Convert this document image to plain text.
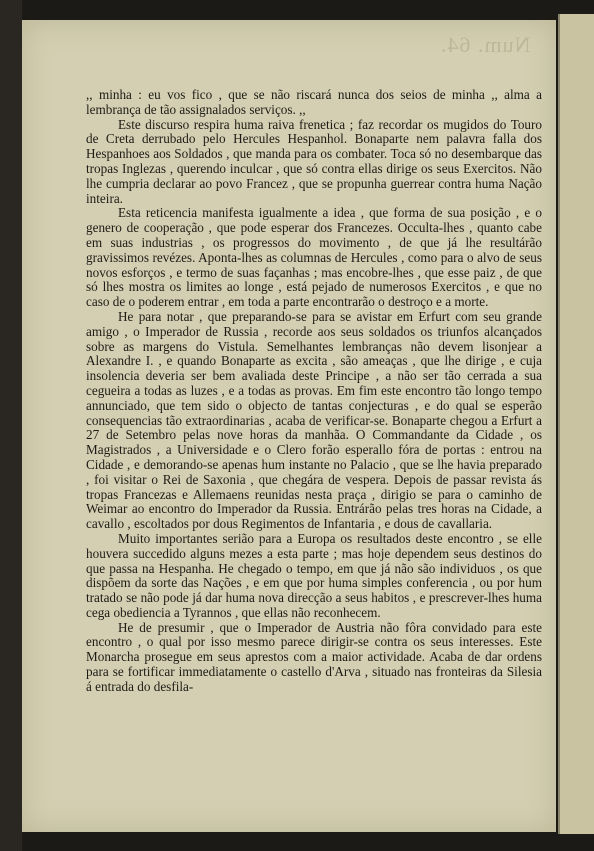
Num. 64.

,, minha : eu vos fico , que se não riscará nunca dos seios de minha ,, alma a lembrança de tão assignalados serviços. ,,

Este discurso respira huma raiva frenetica ; faz recordar os mugidos do Touro de Creta derrubado pelo Hercules Hespanhol. Bonaparte nem palavra falla dos Hespanhoes aos Soldados , que manda para os combater. Toca só no desembarque das tropas Inglezas , querendo inculcar , que só contra ellas dirige os seus Exercitos. Não lhe cumpria declarar ao povo Francez , que se propunha guerrear contra huma Nação inteira.

Esta reticencia manifesta igualmente a idea , que forma de sua posição , e o genero de cooperação , que pode esperar dos Francezes. Occulta-lhes , quanto cabe em suas industrias , os progressos do movimento , de que já lhe resultárão gravissimos revézes. Aponta-lhes as columnas de Hercules , como para o alvo de seus novos esforços , e termo de suas façanhas ; mas encobre-lhes , que esse paiz , de que só lhes mostra os limites ao longe , está pejado de numerosos Exercitos , e que no caso de o poderem entrar , em toda a parte encontrarão o destroço e a morte.

He para notar , que preparando-se para se avistar em Erfurt com seu grande amigo , o Imperador de Russia , recorde aos seus soldados os triunfos alcançados sobre as margens do Vistula. Semelhantes lembranças não devem lisonjear a Alexandre I. , e quando Bonaparte as excita , são ameaças , que lhe dirige , e cuja insolencia deveria ser bem avaliada deste Principe , a não ser tão cerrada a sua cegueira a todas as luzes , e a todas as provas. Em fim este encontro tão longo tempo annunciado, que tem sido o objecto de tantas conjecturas , e do qual se esperão consequencias tão extraordinarias , acaba de verificar-se. Bonaparte chegou a Erfurt a 27 de Setembro pelas nove horas da manhãa. O Commandante da Cidade , os Magistrados , a Universidade e o Clero forão esperallo fóra de portas : entrou na Cidade , e demorando-se apenas hum instante no Palacio , que se lhe havia preparado , foi visitar o Rei de Saxonia , que chegára de vespera. Depois de passar revista ás tropas Francezas e Allemaens reunidas nesta praça , dirigio se para o caminho de Weimar ao encontro do Imperador da Russia. Entrárão pelas tres horas na Cidade, a cavallo , escoltados por dous Regimentos de Infantaria , e dous de cavallaria.

Muito importantes serião para a Europa os resultados deste encontro , se elle houvera succedido alguns mezes a esta parte ; mas hoje dependem seus destinos do que passa na Hespanha. He chegado o tempo, em que já não são individuos , os que dispõem da sorte das Nações , e em que por huma simples conferencia , ou por hum tratado se não pode já dar huma nova direcção a seus habitos , e prescrever-lhes huma cega obediencia a Tyrannos , que ellas não reconhecem.

He de presumir , que o Imperador de Austria não fôra convidado para este encontro , o qual por isso mesmo parece dirigir-se contra os seus interesses. Este Monarcha prosegue em seus aprestos com a maior actividade. Acaba de dar ordens para se fortificar immediatamente o castello d'Arva , situado nas fronteiras da Silesia á entrada do desfila-
